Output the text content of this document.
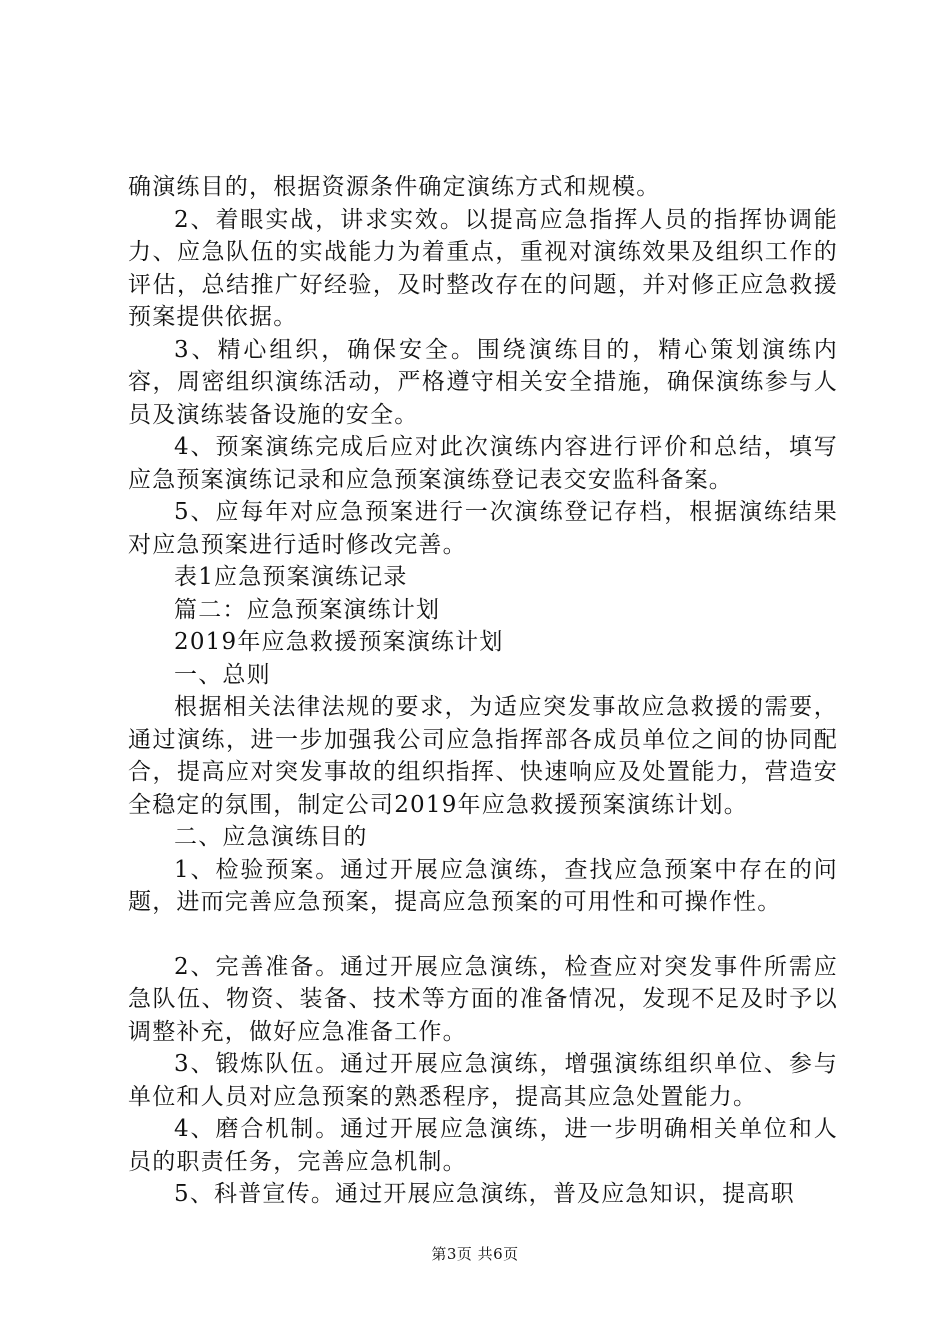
确演练目的，根据资源条件确定演练方式和规模。

2、着眼实战，讲求实效。以提高应急指挥人员的指挥协调能力、应急队伍的实战能力为着重点，重视对演练效果及组织工作的评估，总结推广好经验，及时整改存在的问题，并对修正应急救援预案提供依据。

3、精心组织，确保安全。围绕演练目的，精心策划演练内容，周密组织演练活动，严格遵守相关安全措施，确保演练参与人员及演练装备设施的安全。

4、预案演练完成后应对此次演练内容进行评价和总结，填写应急预案演练记录和应急预案演练登记表交安监科备案。

5、应每年对应急预案进行一次演练登记存档，根据演练结果对应急预案进行适时修改完善。

表1应急预案演练记录

篇二：应急预案演练计划

2019年应急救援预案演练计划

一、总则

根据相关法律法规的要求，为适应突发事故应急救援的需要，通过演练，进一步加强我公司应急指挥部各成员单位之间的协同配合，提高应对突发事故的组织指挥、快速响应及处置能力，营造安全稳定的氛围，制定公司2019年应急救援预案演练计划。

二、应急演练目的

1、检验预案。通过开展应急演练，查找应急预案中存在的问题，进而完善应急预案，提高应急预案的可用性和可操作性。

2、完善准备。通过开展应急演练，检查应对突发事件所需应急队伍、物资、装备、技术等方面的准备情况，发现不足及时予以调整补充，做好应急准备工作。

3、锻炼队伍。通过开展应急演练，增强演练组织单位、参与单位和人员对应急预案的熟悉程序，提高其应急处置能力。

4、磨合机制。通过开展应急演练，进一步明确相关单位和人员的职责任务，完善应急机制。

5、科普宣传。通过开展应急演练，普及应急知识，提高职

第3页 共6页
